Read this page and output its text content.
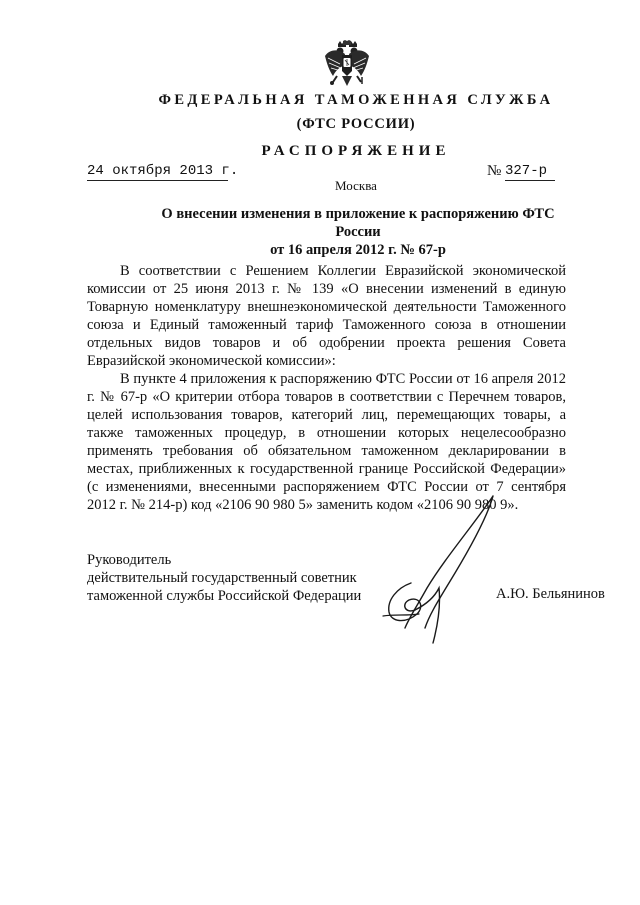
ФЕДЕРАЛЬНАЯ ТАМОЖЕННАЯ СЛУЖБА
(ФТС РОССИИ)
РАСПОРЯЖЕНИЕ
24 октября 2013 г.	№ 327-р
Москва
О внесении изменения в приложение к распоряжению ФТС России
от 16 апреля 2012 г. № 67-р
В соответствии с Решением Коллегии Евразийской экономической комиссии от 25 июня 2013 г. № 139 «О внесении изменений в единую Товарную номенклатуру внешнеэкономической деятельности Таможенного союза и Единый таможенный тариф Таможенного союза в отношении отдельных видов товаров и об одобрении проекта решения Совета Евразийской экономической комиссии»:
В пункте 4 приложения к распоряжению ФТС России от 16 апреля 2012 г. № 67-р «О критерии отбора товаров в соответствии с Перечнем товаров, целей использования товаров, категорий лиц, перемещающих товары, а также таможенных процедур, в отношении которых нецелесообразно применять требования об обязательном таможенном декларировании в местах, приближенных к государственной границе Российской Федерации» (с изменениями, внесенными распоряжением ФТС России от 7 сентября 2012 г. № 214-р) код «2106 90 980 5» заменить кодом «2106 90 980 9».
Руководитель
действительный государственный советник
таможенной службы Российской Федерации	А.Ю. Бельянинов
